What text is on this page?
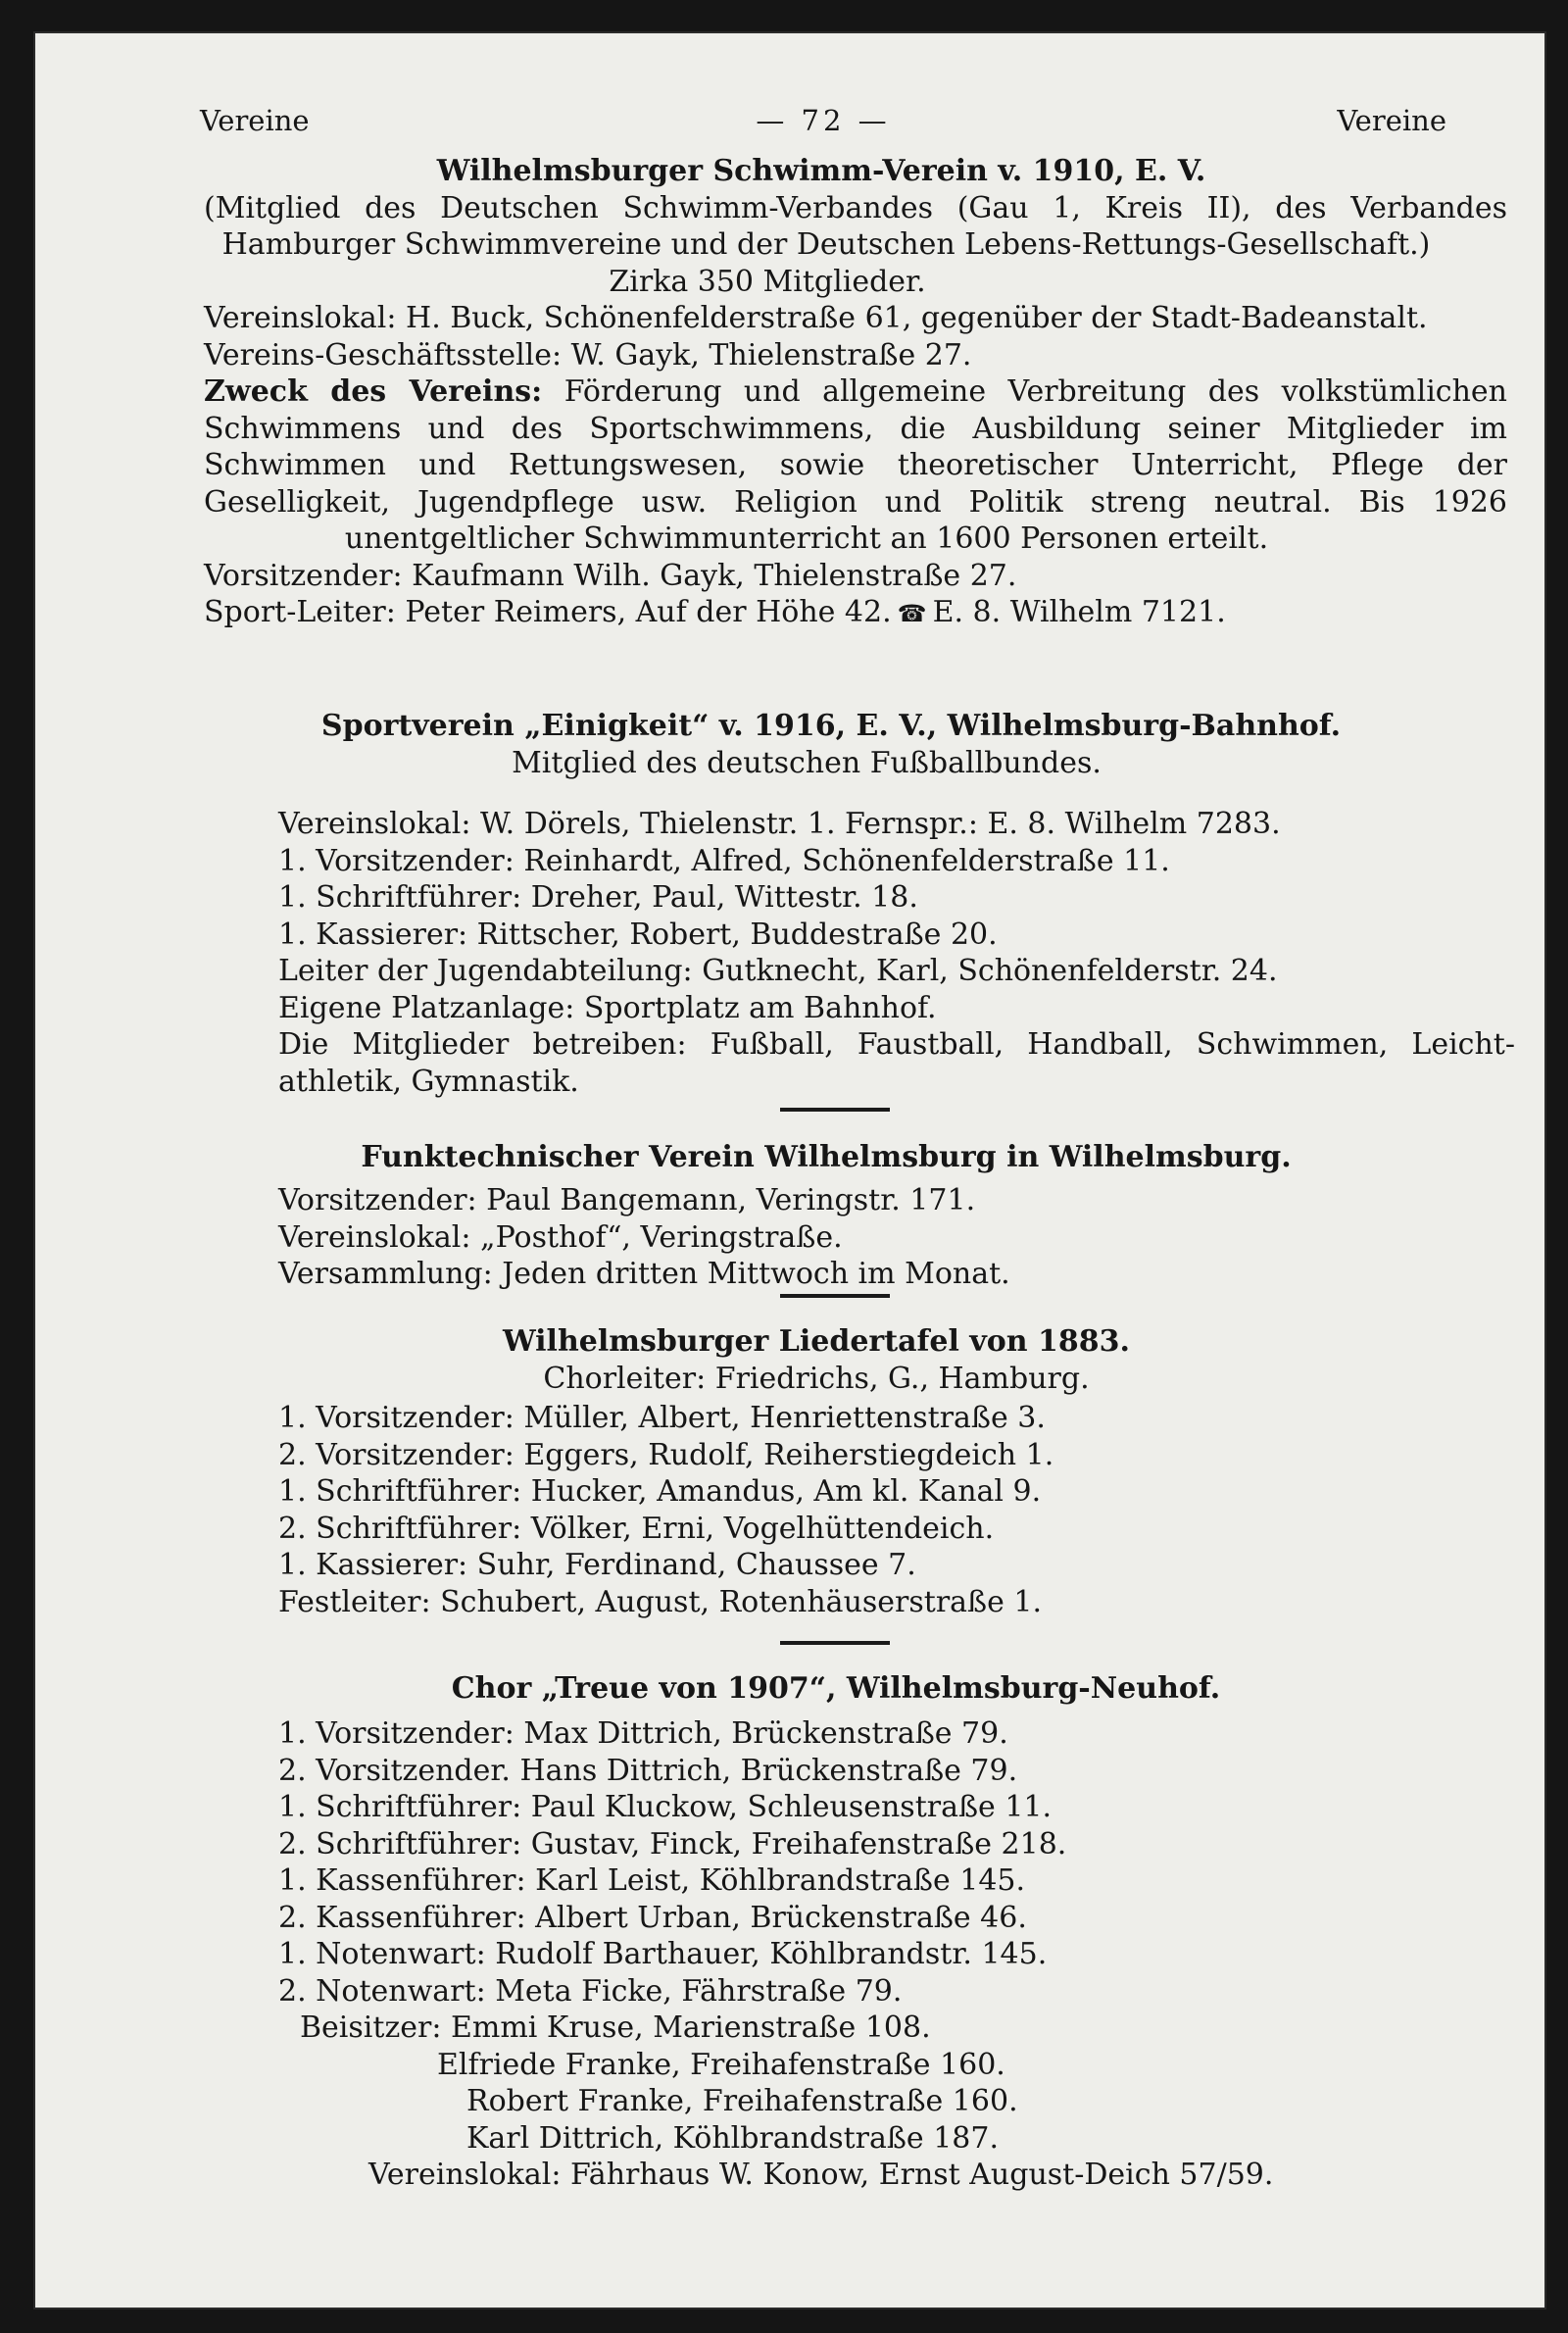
Vereine	— 72 —	Vereine

Wilhelmsburger Schwimm-Verein v. 1910, E. V.

(Mitglied des Deutschen Schwimm-Verbandes (Gau 1, Kreis II), des Verbandes

Hamburger Schwimmvereine und der Deutschen Lebens-Rettungs-Gesellschaft.)

Zirka 350 Mitglieder.

Vereinslokal: H. Buck, Schönenfelderstraße 61, gegenüber der Stadt-Badeanstalt.

Vereins-Geschäftsstelle: W. Gayk, Thielenstraße 27.

Zweck des Vereins: Förderung und allgemeine Verbreitung des volkstümlichen

Schwimmens und des Sportschwimmens, die Ausbildung seiner Mitglieder im

Schwimmen und Rettungswesen, sowie theoretischer Unterricht, Pflege der

Geselligkeit, Jugendpflege usw. Religion und Politik streng neutral. Bis 1926

unentgeltlicher Schwimmunterricht an 1600 Personen erteilt.

Vorsitzender: Kaufmann Wilh. Gayk, Thielenstraße 27.

Sport-Leiter: Peter Reimers, Auf der Höhe 42. ☎ E. 8. Wilhelm 7121.

Sportverein „Einigkeit“ v. 1916, E. V., Wilhelmsburg-Bahnhof.

Mitglied des deutschen Fußballbundes.

Vereinslokal: W. Dörels, Thielenstr. 1. Fernspr.: E. 8. Wilhelm 7283.

1. Vorsitzender: Reinhardt, Alfred, Schönenfelderstraße 11.

1. Schriftführer: Dreher, Paul, Wittestr. 18.

1. Kassierer: Rittscher, Robert, Buddestraße 20.

Leiter der Jugendabteilung: Gutknecht, Karl, Schönenfelderstr. 24.

Eigene Platzanlage: Sportplatz am Bahnhof.

Die Mitglieder betreiben: Fußball, Faustball, Handball, Schwimmen, Leicht-

athletik, Gymnastik.

Funktechnischer Verein Wilhelmsburg in Wilhelmsburg.

Vorsitzender: Paul Bangemann, Veringstr. 171.

Vereinslokal: „Posthof“, Veringstraße.

Versammlung: Jeden dritten Mittwoch im Monat.

Wilhelmsburger Liedertafel von 1883.

Chorleiter: Friedrichs, G., Hamburg.

1. Vorsitzender: Müller, Albert, Henriettenstraße 3.

2. Vorsitzender: Eggers, Rudolf, Reiherstiegdeich 1.

1. Schriftführer: Hucker, Amandus, Am kl. Kanal 9.

2. Schriftführer: Völker, Erni, Vogelhüttendeich.

1. Kassierer: Suhr, Ferdinand, Chaussee 7.

Festleiter: Schubert, August, Rotenhäuserstraße 1.

Chor „Treue von 1907“, Wilhelmsburg-Neuhof.

1. Vorsitzender: Max Dittrich, Brückenstraße 79.

2. Vorsitzender. Hans Dittrich, Brückenstraße 79.

1. Schriftführer: Paul Kluckow, Schleusenstraße 11.

2. Schriftführer: Gustav, Finck, Freihafenstraße 218.

1. Kassenführer: Karl Leist, Köhlbrandstraße 145.

2. Kassenführer: Albert Urban, Brückenstraße 46.

1. Notenwart: Rudolf Barthauer, Köhlbrandstr. 145.

2. Notenwart: Meta Ficke, Fährstraße 79.

Beisitzer: Emmi Kruse, Marienstraße 108.

Elfriede Franke, Freihafenstraße 160.

Robert Franke, Freihafenstraße 160.

Karl Dittrich, Köhlbrandstraße 187.

Vereinslokal: Fährhaus W. Konow, Ernst August-Deich 57/59.
